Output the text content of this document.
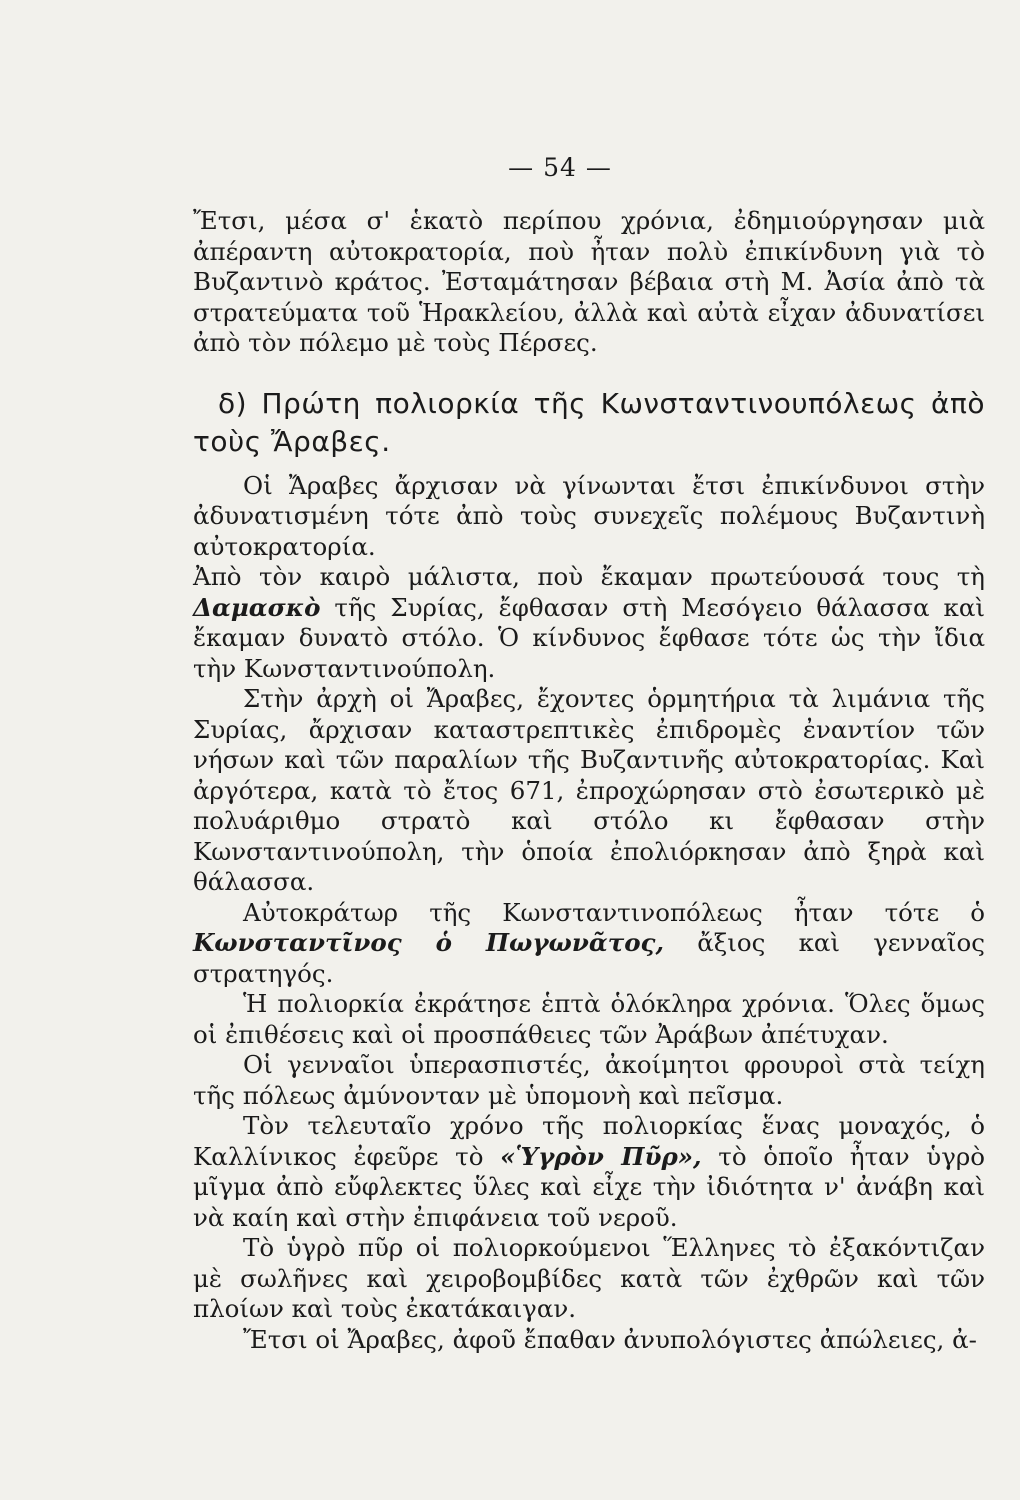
— 54 —

Ἔτσι, μέσα σ' ἑκατὸ περίπου χρόνια, ἐδημιούργησαν μιὰ ἀπέραντη αὐτοκρατορία, ποὺ ἦταν πολὺ ἐπικίνδυνη γιὰ τὸ Βυζαντινὸ κράτος. Ἐσταμάτησαν βέβαια στὴ Μ. Ἀσία ἀπὸ τὰ στρατεύματα τοῦ Ἡρακλείου, ἀλλὰ καὶ αὐτὰ εἶχαν ἀδυνατίσει ἀπὸ τὸν πόλεμο μὲ τοὺς Πέρσες.

δ) Πρώτη πολιορκία τῆς Κωνσταντινουπόλεως ἀπὸ τοὺς Ἄραβες.

Οἱ Ἄραβες ἄρχισαν νὰ γίνωνται ἔτσι ἐπικίνδυνοι στὴν ἀδυνατισμένη τότε ἀπὸ τοὺς συνεχεῖς πολέμους Βυζαντινὴ αὐτοκρατορία.

Ἀπὸ τὸν καιρὸ μάλιστα, ποὺ ἔκαμαν πρωτεύουσά τους τὴ Δαμασκὸ τῆς Συρίας, ἔφθασαν στὴ Μεσόγειο θάλασσα καὶ ἔκαμαν δυνατὸ στόλο. Ὁ κίνδυνος ἔφθασε τότε ὡς τὴν ἴδια τὴν Κωνσταντινούπολη.

Στὴν ἀρχὴ οἱ Ἄραβες, ἔχοντες ὁρμητήρια τὰ λιμάνια τῆς Συρίας, ἄρχισαν καταστρεπτικὲς ἐπιδρομὲς ἐναντίον τῶν νήσων καὶ τῶν παραλίων τῆς Βυζαντινῆς αὐτοκρατορίας. Καὶ ἀργότερα, κατὰ τὸ ἔτος 671, ἐπροχώρησαν στὸ ἐσωτερικὸ μὲ πολυάριθμο στρατὸ καὶ στόλο κι ἔφθασαν στὴν Κωνσταντινούπολη, τὴν ὁποία ἐπολιόρκησαν ἀπὸ ξηρὰ καὶ θάλασσα.

Αὐτοκράτωρ τῆς Κωνσταντινοπόλεως ἦταν τότε ὁ Κωνσταντῖνος ὁ Πωγωνᾶτος, ἄξιος καὶ γενναῖος στρατηγός.

Ἡ πολιορκία ἐκράτησε ἑπτὰ ὁλόκληρα χρόνια. Ὅλες ὅμως οἱ ἐπιθέσεις καὶ οἱ προσπάθειες τῶν Ἀράβων ἀπέτυχαν.

Οἱ γενναῖοι ὑπερασπιστές, ἀκοίμητοι φρουροὶ στὰ τείχη τῆς πόλεως ἀμύνονταν μὲ ὑπομονὴ καὶ πεῖσμα.

Τὸν τελευταῖο χρόνο τῆς πολιορκίας ἕνας μοναχός, ὁ Καλλίνικος ἐφεῦρε τὸ «Ὑγρὸν Πῦρ», τὸ ὁποῖο ἦταν ὑγρὸ μῖγμα ἀπὸ εὔφλεκτες ὕλες καὶ εἶχε τὴν ἰδιότητα ν' ἀνάβη καὶ νὰ καίη καὶ στὴν ἐπιφάνεια τοῦ νεροῦ.

Τὸ ὑγρὸ πῦρ οἱ πολιορκούμενοι Ἕλληνες τὸ ἐξακόντιζαν μὲ σωλῆνες καὶ χειροβομβίδες κατὰ τῶν ἐχθρῶν καὶ τῶν πλοίων καὶ τοὺς ἐκατάκαιγαν.

Ἔτσι οἱ Ἄραβες, ἀφοῦ ἔπαθαν ἀνυπολόγιστες ἀπώλειες, ἀ-
